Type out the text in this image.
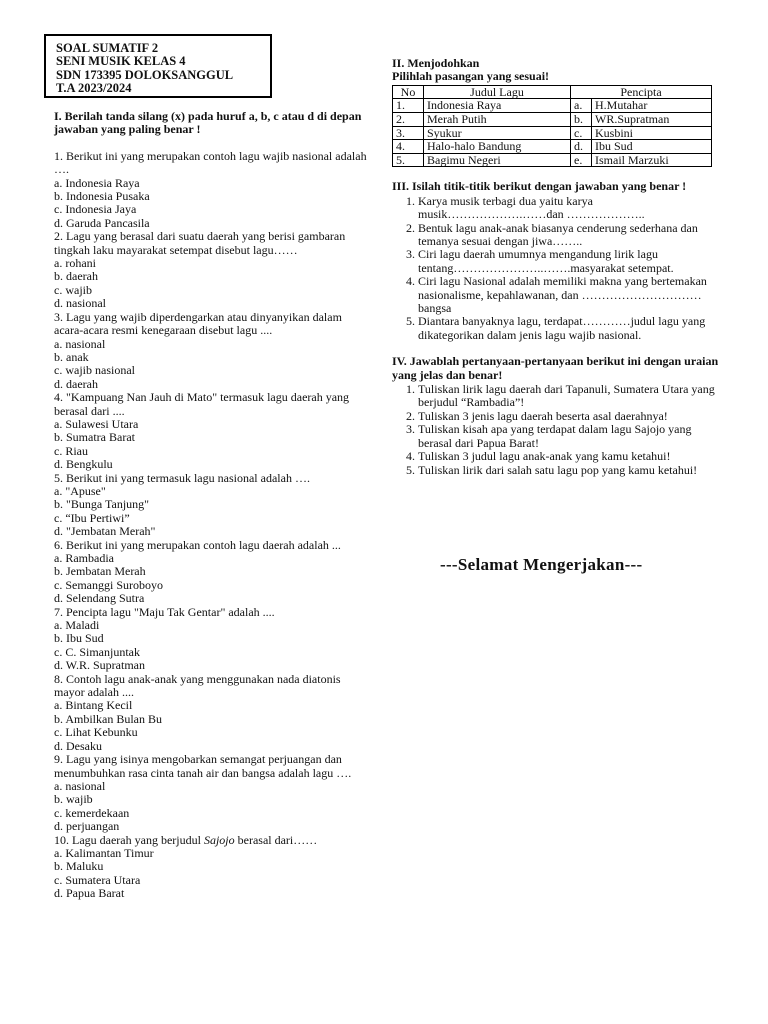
SOAL SUMATIF 2
SENI MUSIK KELAS 4
SDN 173395 DOLOKSANGGUL
T.A 2023/2024
I. Berilah tanda silang (x) pada huruf a, b, c atau d di depan jawaban yang paling benar !
1. Berikut ini yang merupakan contoh lagu wajib nasional adalah ….
a. Indonesia Raya
b. Indonesia Pusaka
c. Indonesia Jaya
d. Garuda Pancasila
2. Lagu yang berasal dari suatu daerah yang berisi gambaran tingkah laku mayarakat setempat disebut lagu……
a. rohani
b. daerah
c. wajib
d. nasional
3. Lagu yang wajib diperdengarkan atau dinyanyikan dalam acara-acara resmi kenegaraan disebut lagu ....
a. nasional
b. anak
c. wajib nasional
d. daerah
4. "Kampuang Nan Jauh di Mato" termasuk lagu daerah yang berasal dari ....
a. Sulawesi Utara
b. Sumatra Barat
c. Riau
d. Bengkulu
5. Berikut ini yang termasuk lagu nasional adalah ….
a. "Apuse"
b. "Bunga Tanjung"
c. “Ibu Pertiwi”
d. "Jembatan Merah"
6. Berikut ini yang merupakan contoh lagu daerah adalah ...
a. Rambadia
b. Jembatan Merah
c. Semanggi Suroboyo
d. Selendang Sutra
7. Pencipta lagu "Maju Tak Gentar" adalah ....
a. Maladi
b. Ibu Sud
c. C. Simanjuntak
d. W.R. Supratman
8. Contoh lagu anak-anak yang menggunakan nada diatonis mayor adalah ....
a. Bintang Kecil
b. Ambilkan Bulan Bu
c. Lihat Kebunku
d. Desaku
9. Lagu yang isinya mengobarkan semangat perjuangan dan menumbuhkan rasa cinta tanah air dan bangsa adalah lagu ….
a. nasional
b. wajib
c. kemerdekaan
d. perjuangan
10. Lagu daerah yang berjudul Sajojo berasal dari……
a. Kalimantan Timur
b. Maluku
c. Sumatera Utara
d. Papua Barat
II. Menjodohkan
Pilihlah pasangan yang sesuai!
No	Judul Lagu	Pencipta	
1.	Indonesia Raya	a.	H.Mutahar
2.	Merah Putih	b.	WR.Supratman
3.	Syukur	c.	Kusbini
4.	Halo-halo Bandung	d.	Ibu Sud
5.	Bagimu Negeri	e.	Ismail Marzuki
III. Isilah titik-titik berikut dengan jawaban yang benar !
1. Karya musik terbagi dua yaitu karya musik……………….……dan ………………..
2. Bentuk lagu anak-anak biasanya cenderung sederhana dan temanya sesuai dengan jiwa……..
3. Ciri lagu daerah umumnya mengandung lirik lagu tentang…………………..…….masyarakat setempat.
4. Ciri lagu Nasional adalah memiliki makna yang bertemakan nasionalisme, kepahlawanan, dan …………………………bangsa
5. Diantara banyaknya lagu, terdapat…………judul lagu yang dikategorikan dalam jenis lagu wajib nasional.
IV. Jawablah pertanyaan-pertanyaan berikut ini dengan uraian yang jelas dan benar!
1. Tuliskan lirik lagu daerah dari Tapanuli, Sumatera Utara yang berjudul “Rambadia”!
2. Tuliskan 3 jenis lagu daerah beserta asal daerahnya!
3. Tuliskan kisah apa yang terdapat dalam lagu Sajojo yang berasal dari Papua Barat!
4. Tuliskan 3 judul lagu anak-anak yang kamu ketahui!
5. Tuliskan lirik dari salah satu lagu pop yang kamu ketahui!
---Selamat Mengerjakan---
